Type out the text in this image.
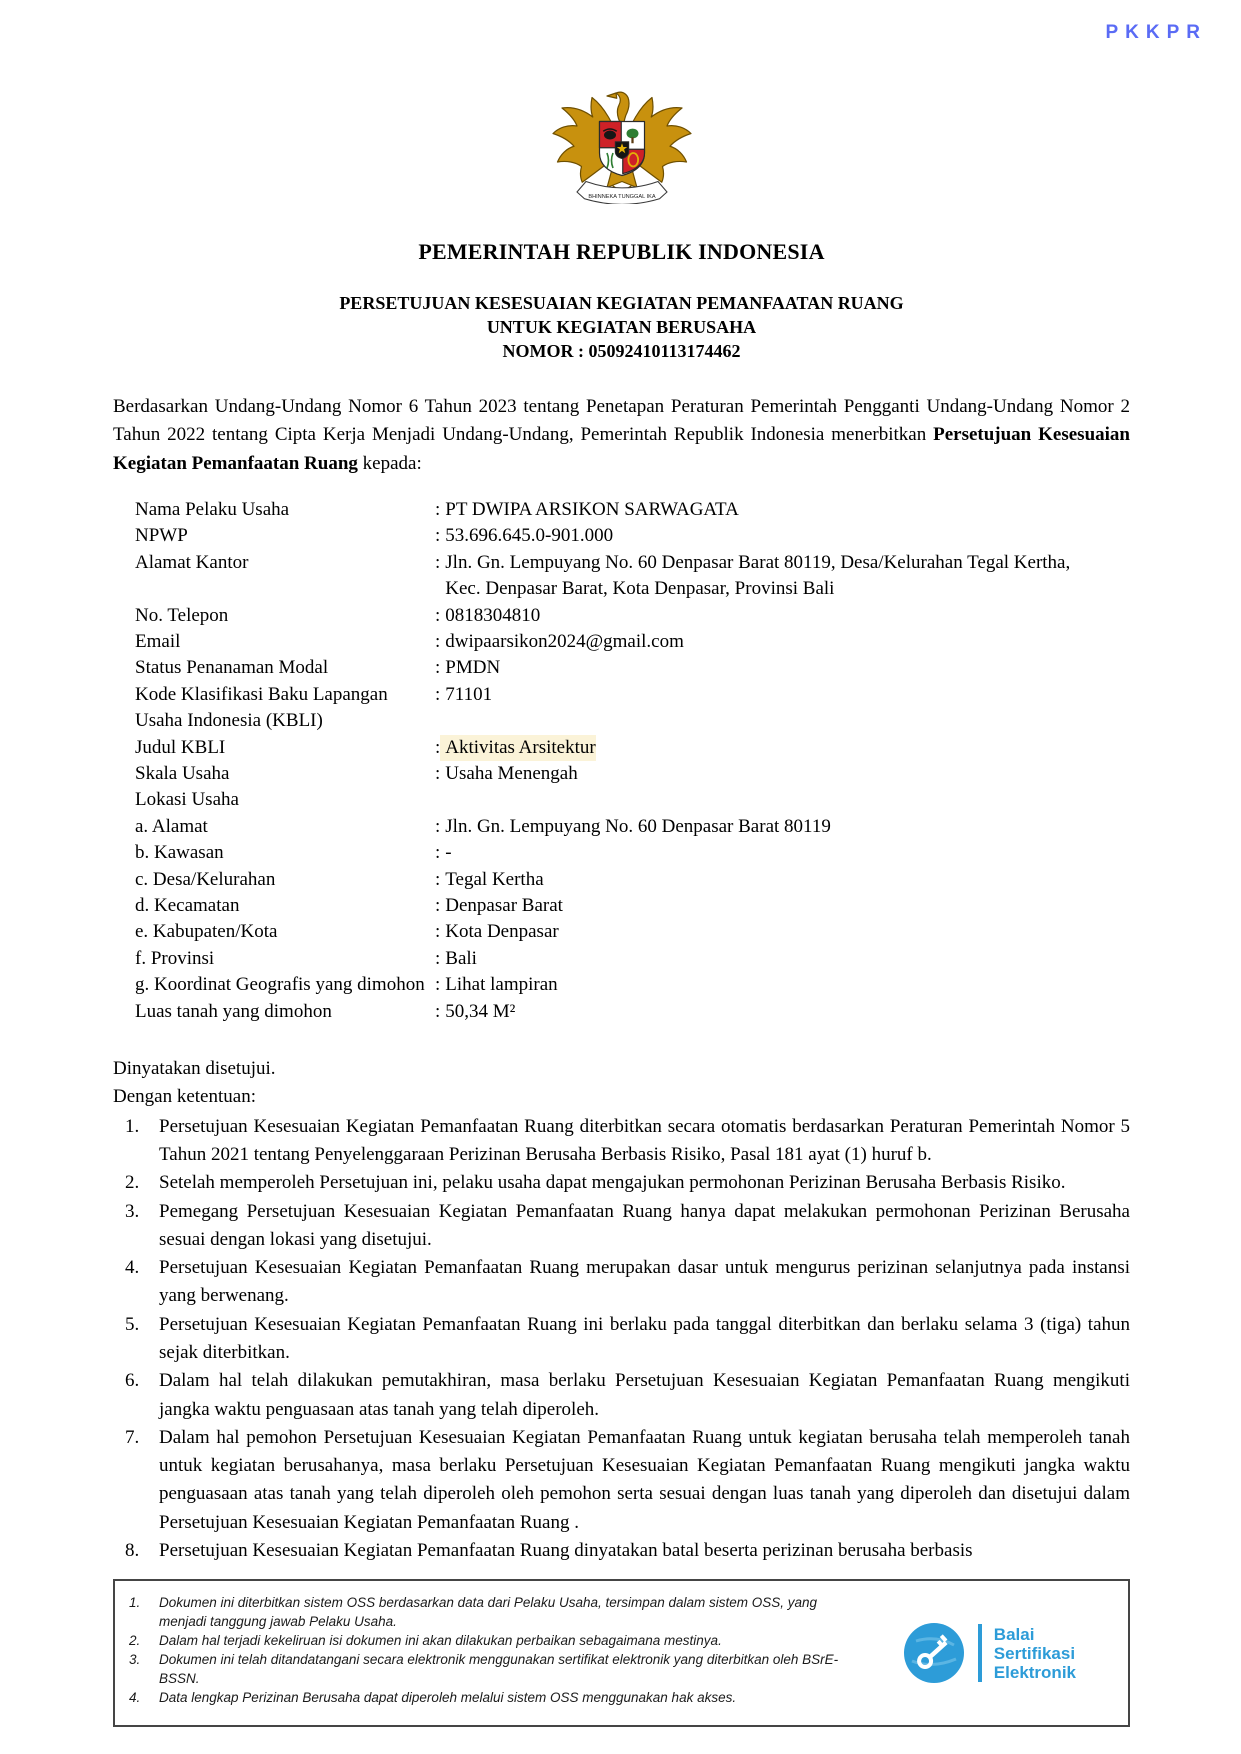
PKKPR
BHINNEKA TUNGGAL IKA
PEMERINTAH REPUBLIK INDONESIA
PERSETUJUAN KESESUAIAN KEGIATAN PEMANFAATAN RUANG
UNTUK KEGIATAN BERUSAHA
NOMOR : 05092410113174462

Berdasarkan Undang-Undang Nomor 6 Tahun 2023 tentang Penetapan Peraturan Pemerintah Pengganti Undang-Undang Nomor 2 Tahun 2022 tentang Cipta Kerja Menjadi Undang-Undang, Pemerintah Republik Indonesia menerbitkan Persetujuan Kesesuaian Kegiatan Pemanfaatan Ruang kepada:

Nama Pelaku Usaha	: PT DWIPA ARSIKON SARWAGATA
NPWP	: 53.696.645.0-901.000
Alamat Kantor	: Jln. Gn. Lempuyang No. 60 Denpasar Barat 80119, Desa/Kelurahan Tegal Kertha, Kec. Denpasar Barat, Kota Denpasar, Provinsi Bali
No. Telepon	: 0818304810
Email	: dwipaarsikon2024@gmail.com
Status Penanaman Modal	: PMDN
Kode Klasifikasi Baku Lapangan	: 71101
Usaha Indonesia (KBLI)
Judul KBLI	: Aktivitas Arsitektur
Skala Usaha	: Usaha Menengah
Lokasi Usaha
a. Alamat	: Jln. Gn. Lempuyang No. 60 Denpasar Barat 80119
b. Kawasan	: -
c. Desa/Kelurahan	: Tegal Kertha
d. Kecamatan	: Denpasar Barat
e. Kabupaten/Kota	: Kota Denpasar
f. Provinsi	: Bali
g. Koordinat Geografis yang dimohon : Lihat lampiran
Luas tanah yang dimohon	: 50,34 M²
Dinyatakan disetujui.
Dengan ketentuan:
1.	Persetujuan Kesesuaian Kegiatan Pemanfaatan Ruang diterbitkan secara otomatis berdasarkan Peraturan Pemerintah Nomor 5 Tahun 2021 tentang Penyelenggaraan Perizinan Berusaha Berbasis Risiko, Pasal 181 ayat (1) huruf b.
2.	Setelah memperoleh Persetujuan ini, pelaku usaha dapat mengajukan permohonan Perizinan Berusaha Berbasis Risiko.
3.	Pemegang Persetujuan Kesesuaian Kegiatan Pemanfaatan Ruang hanya dapat melakukan permohonan Perizinan Berusaha sesuai dengan lokasi yang disetujui.
4.	Persetujuan Kesesuaian Kegiatan Pemanfaatan Ruang merupakan dasar untuk mengurus perizinan selanjutnya pada instansi yang berwenang.
5.	Persetujuan Kesesuaian Kegiatan Pemanfaatan Ruang ini berlaku pada tanggal diterbitkan dan berlaku selama 3 (tiga) tahun sejak diterbitkan.
6.	Dalam hal telah dilakukan pemutakhiran, masa berlaku Persetujuan Kesesuaian Kegiatan Pemanfaatan Ruang mengikuti jangka waktu penguasaan atas tanah yang telah diperoleh.
7.	Dalam hal pemohon Persetujuan Kesesuaian Kegiatan Pemanfaatan Ruang untuk kegiatan berusaha telah memperoleh tanah untuk kegiatan berusahanya, masa berlaku Persetujuan Kesesuaian Kegiatan Pemanfaatan Ruang mengikuti jangka waktu penguasaan atas tanah yang telah diperoleh oleh pemohon serta sesuai dengan luas tanah yang diperoleh dan disetujui dalam Persetujuan Kesesuaian Kegiatan Pemanfaatan Ruang .
8.	Persetujuan Kesesuaian Kegiatan Pemanfaatan Ruang dinyatakan batal beserta perizinan berusaha berbasis
1.	Dokumen ini diterbitkan sistem OSS berdasarkan data dari Pelaku Usaha, tersimpan dalam sistem OSS, yang menjadi tanggung jawab Pelaku Usaha.
2.	Dalam hal terjadi kekeliruan isi dokumen ini akan dilakukan perbaikan sebagaimana mestinya.
3.	Dokumen ini telah ditandatangani secara elektronik menggunakan sertifikat elektronik yang diterbitkan oleh BSrE-BSSN.
4.	Data lengkap Perizinan Berusaha dapat diperoleh melalui sistem OSS menggunakan hak akses.
Balai
Sertifikasi
Elektronik
